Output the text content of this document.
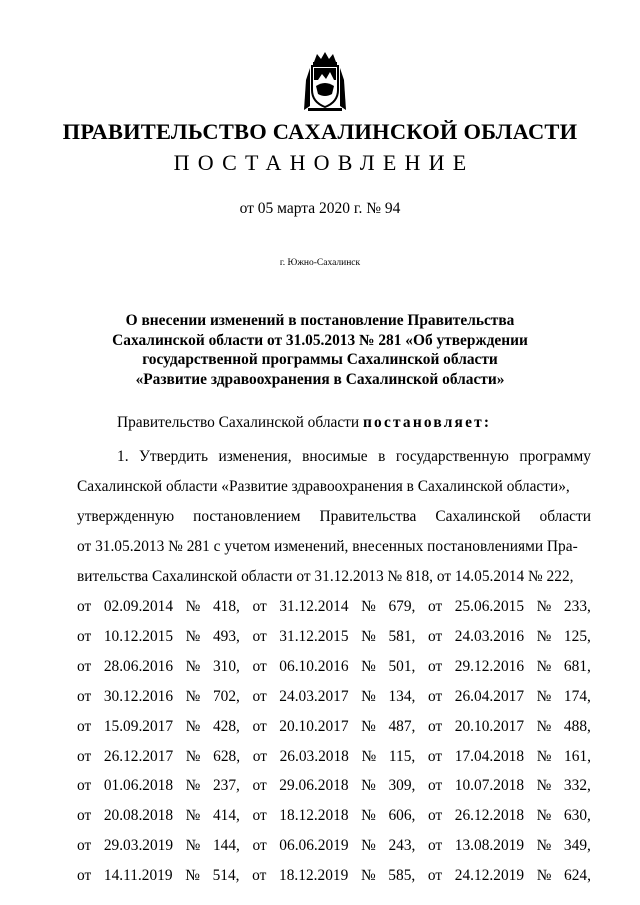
ПРАВИТЕЛЬСТВО САХАЛИНСКОЙ ОБЛАСТИ
ПОСТАНОВЛЕНИЕ
от 05 марта 2020 г. № 94
г. Южно-Сахалинск
О внесении изменений в постановление Правительства
Сахалинской области от 31.05.2013 № 281 «Об утверждении
государственной программы Сахалинской области
«Развитие здравоохранения в Сахалинской области»
Правительство Сахалинской области постановляет:
1. Утвердить изменения, вносимые в государственную программу
Сахалинской области «Развитие здравоохранения в Сахалинской области»,
утвержденную постановлением Правительства Сахалинской области
от 31.05.2013 № 281 с учетом изменений, внесенных постановлениями Пра-
вительства Сахалинской области от 31.12.2013 № 818, от 14.05.2014 № 222,
от 02.09.2014 № 418, от 31.12.2014 № 679, от 25.06.2015 № 233,
от 10.12.2015 № 493, от 31.12.2015 № 581, от 24.03.2016 № 125,
от 28.06.2016 № 310, от 06.10.2016 № 501, от 29.12.2016 № 681,
от 30.12.2016 № 702, от 24.03.2017 № 134, от 26.04.2017 № 174,
от 15.09.2017 № 428, от 20.10.2017 № 487, от 20.10.2017 № 488,
от 26.12.2017 № 628, от 26.03.2018 № 115, от 17.04.2018 № 161,
от 01.06.2018 № 237, от 29.06.2018 № 309, от 10.07.2018 № 332,
от 20.08.2018 № 414, от 18.12.2018 № 606, от 26.12.2018 № 630,
от 29.03.2019 № 144, от 06.06.2019 № 243, от 13.08.2019 № 349,
от 14.11.2019 № 514, от 18.12.2019 № 585, от 24.12.2019 № 624,
